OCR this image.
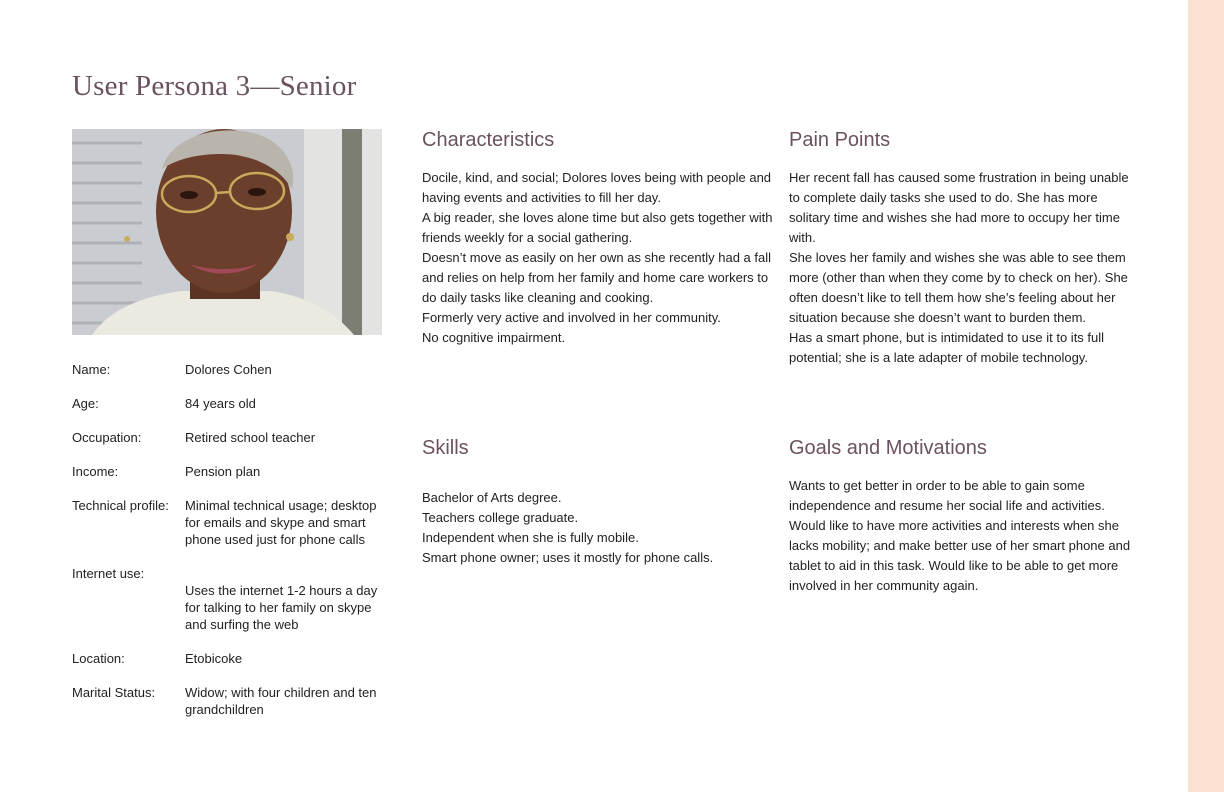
User Persona 3—Senior
Name:	Dolores Cohen
Age:	84 years old
Occupation:	Retired school teacher
Income:	Pension plan
Technical profile:	Minimal technical usage; desktop for emails and skype and smart phone used just for phone calls
Internet use:

Uses the internet 1-2 hours a day for talking to her family on skype and surfing the web
Location:	Etobicoke
Marital Status:	Widow; with four children and ten grandchildren
Characteristics

Docile, kind, and social; Dolores loves being with people and having events and activities to fill her day.

A big reader, she loves alone time but also gets together with friends weekly for a social gathering.

Doesn’t move as easily on her own as she recently had a fall and relies on help from her family and home care workers to do daily tasks like cleaning and cooking.

Formerly very active and involved in her community.

No cognitive impairment.

Pain Points

Her recent fall has caused some frustration in being unable to complete daily tasks she used to do. She has more solitary time and wishes she had more to occupy her time with.

She loves her family and wishes she was able to see them more (other than when they come by to check on her). She often doesn’t like to tell them how she’s feeling about her situation because she doesn’t want to burden them.

Has a smart phone, but is intimidated to use it to its full potential; she is a late adapter of mobile technology.

Skills

Bachelor of Arts degree.

Teachers college graduate.

Independent when she is fully mobile.

Smart phone owner; uses it mostly for phone calls.

Goals and Motivations

Wants to get better in order to be able to gain some independence and resume her social life and activities. Would like to have more activities and interests when she lacks mobility; and make better use of her smart phone and tablet to aid in this task. Would like to be able to get more involved in her community again.
